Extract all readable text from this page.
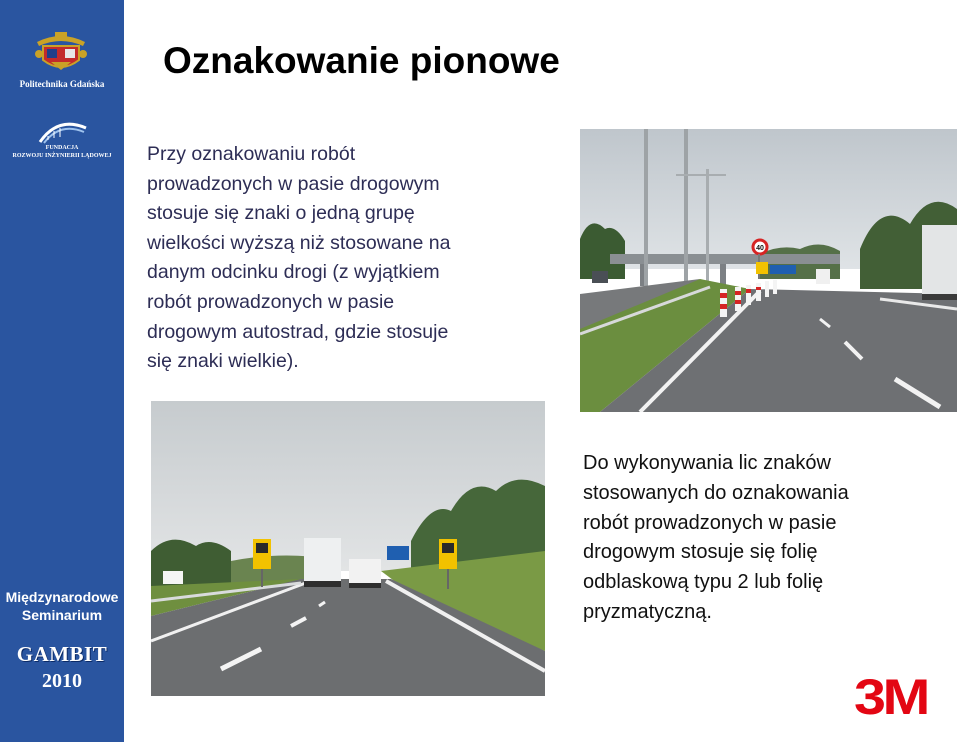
Politechnika Gdańska
FUNDACJA
ROZWOJU INŻYNIERII LĄDOWEJ
Międzynarodowe
Seminarium
GAMBIT
2010
Oznakowanie pionowe
Przy oznakowaniu robót
prowadzonych w pasie drogowym
stosuje się znaki o jedną grupę
wielkości wyższą niż stosowane na
danym odcinku drogi (z wyjątkiem
robót prowadzonych w pasie
drogowym autostrad, gdzie stosuje
się znaki wielkie).
40
Do wykonywania lic znaków
stosowanych do oznakowania
robót prowadzonych w pasie
drogowym stosuje się folię
odblaskową typu 2 lub folię
pryzmatyczną.
3M
